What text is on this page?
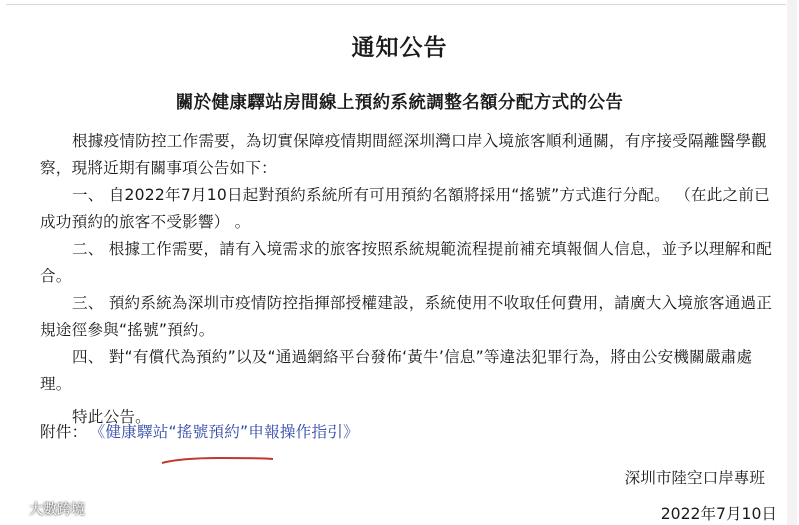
通知公告
關於健康驛站房間線上預約系統調整名額分配方式的公告

根據疫情防控工作需要，為切實保障疫情期間經深圳灣口岸入境旅客順利通關，有序接受隔離醫學觀察，現將近期有關事項公告如下：

一、 自2022年7月10日起對預約系統所有可用預約名額將採用“搖號”方式進行分配。 （在此之前已成功預約的旅客不受影響） 。

二、 根據工作需要，請有入境需求的旅客按照系統規範流程提前補充填報個人信息，並予以理解和配合。

三、 預約系統為深圳市疫情防控指揮部授權建設，系統使用不收取任何費用，請廣大入境旅客通過正規途徑參與“搖號”預約。

四、 對“有償代為預約”以及“通過網絡平台發佈‘黃牛’信息”等違法犯罪行為，將由公安機關嚴肅處理。

特此公告。

附件： 《健康驛站“搖號預約”申報操作指引》
深圳市陸空口岸專班
2022年7月10日
大數跨境
